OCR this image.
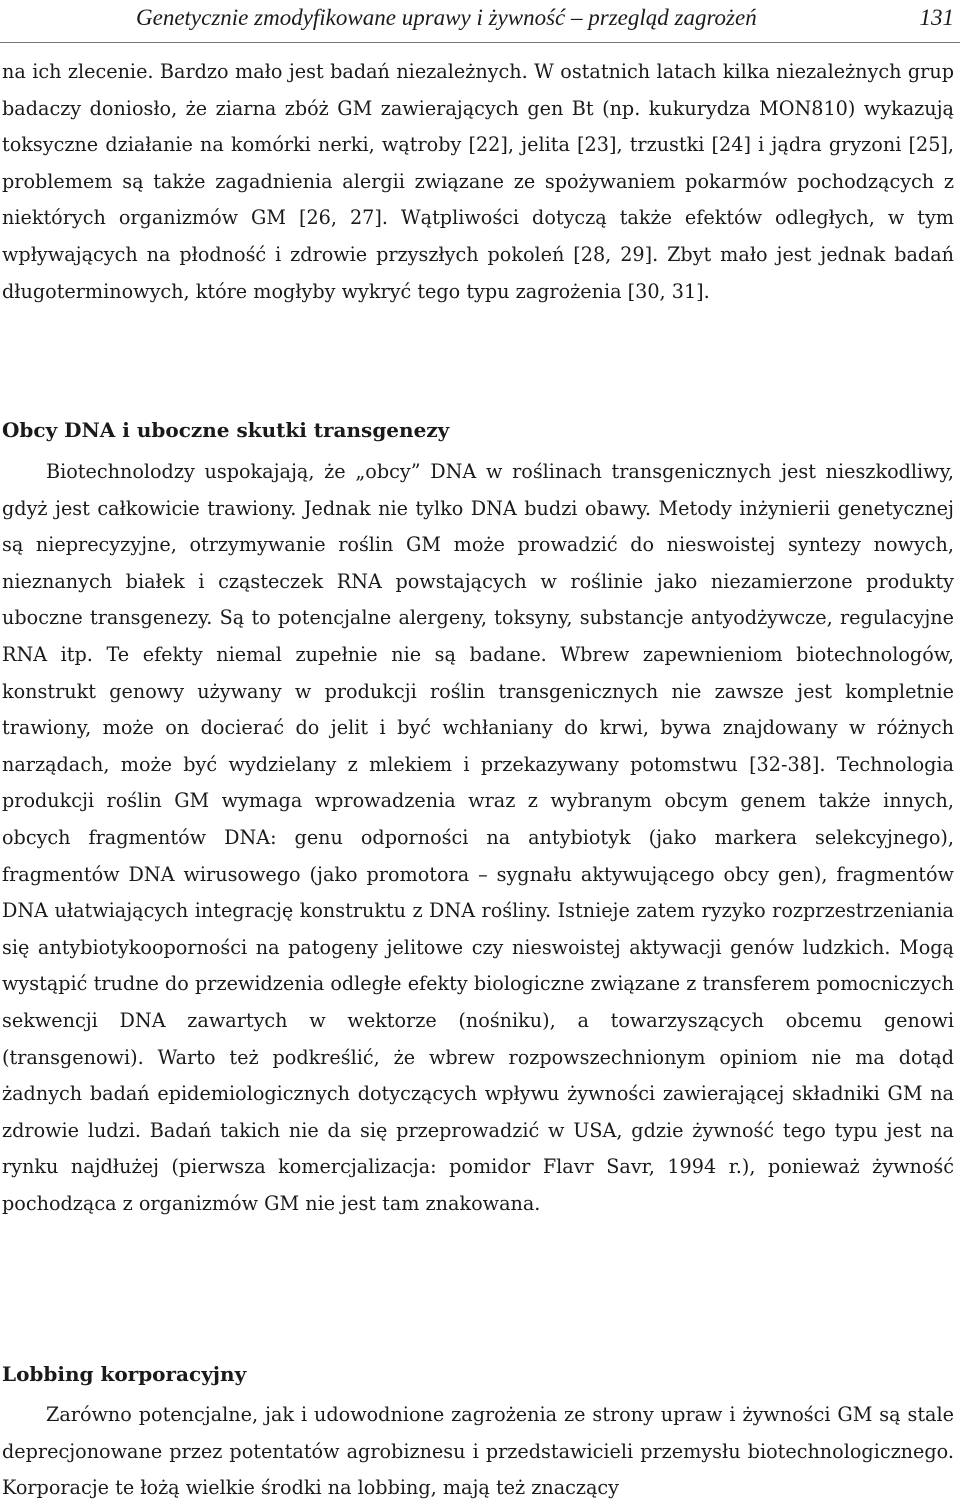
Genetycznie zmodyfikowane uprawy i żywność – przegląd zagrożeń	131

na ich zlecenie. Bardzo mało jest badań niezależnych. W ostatnich latach kilka niezależnych grup badaczy doniosło, że ziarna zbóż GM zawierających gen Bt (np. kukurydza MON810) wykazują toksyczne działanie na komórki nerki, wątroby [22], jelita [23], trzustki [24] i jądra gryzoni [25], problemem są także zagadnienia alergii związane ze spożywaniem pokarmów pochodzących z niektórych organizmów GM [26, 27]. Wątpliwości dotyczą także efektów odległych, w tym wpływających na płodność i zdrowie przyszłych pokoleń [28, 29]. Zbyt mało jest jednak badań długoterminowych, które mogłyby wykryć tego typu zagrożenia [30, 31].

Obcy DNA i uboczne skutki transgenezy

Biotechnolodzy uspokajają, że „obcy” DNA w roślinach transgenicznych jest nieszkodliwy, gdyż jest całkowicie trawiony. Jednak nie tylko DNA budzi obawy. Metody inżynierii genetycznej są nieprecyzyjne, otrzymywanie roślin GM może prowadzić do nieswoistej syntezy nowych, nieznanych białek i cząsteczek RNA powstających w roślinie jako niezamierzone produkty uboczne transgenezy. Są to potencjalne alergeny, toksyny, substancje antyodżywcze, regulacyjne RNA itp. Te efekty niemal zupełnie nie są badane. Wbrew zapewnieniom biotechnologów, konstrukt genowy używany w produkcji roślin transgenicznych nie zawsze jest kompletnie trawiony, może on docierać do jelit i być wchłaniany do krwi, bywa znajdowany w różnych narządach, może być wydzielany z mlekiem i przekazywany potomstwu [32-38]. Technologia produkcji roślin GM wymaga wprowadzenia wraz z wybranym obcym genem także innych, obcych fragmentów DNA: genu odporności na antybiotyk (jako markera selekcyjnego), fragmentów DNA wirusowego (jako promotora – sygnału aktywującego obcy gen), fragmentów DNA ułatwiających integrację konstruktu z DNA rośliny. Istnieje zatem ryzyko rozprzestrzeniania się antybiotykooporności na patogeny jelitowe czy nieswoistej aktywacji genów ludzkich. Mogą wystąpić trudne do przewidzenia odległe efekty biologiczne związane z transferem pomocniczych sekwencji DNA zawartych w wektorze (nośniku), a towarzyszących obcemu genowi (transgenowi). Warto też podkreślić, że wbrew rozpowszechnionym opiniom nie ma dotąd żadnych badań epidemiologicznych dotyczących wpływu żywności zawierającej składniki GM na zdrowie ludzi. Badań takich nie da się przeprowadzić w USA, gdzie żywność tego typu jest na rynku najdłużej (pierwsza komercjalizacja: pomidor Flavr Savr, 1994 r.), ponieważ żywność pochodząca z organizmów GM nie jest tam znakowana.

Lobbing korporacyjny

Zarówno potencjalne, jak i udowodnione zagrożenia ze strony upraw i żywności GM są stale deprecjonowane przez potentatów agrobiznesu i przedstawicieli przemysłu biotechnologicznego. Korporacje te łożą wielkie środki na lobbing, mają też znaczący
